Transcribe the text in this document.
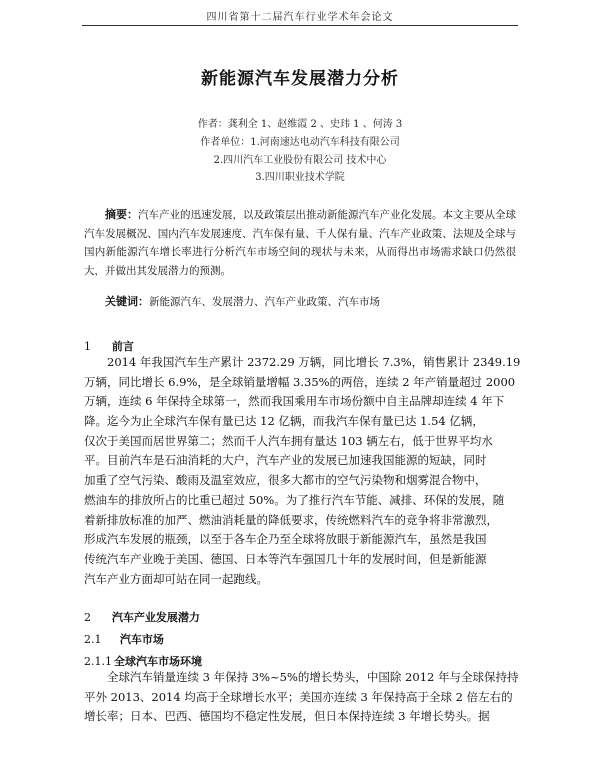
四川省第十二届汽车行业学术年会论文
新能源汽车发展潜力分析
作者：龚利全 1、赵维霞 2 、史玮 1 、何涛 3
作者单位：1.河南速达电动汽车科技有限公司
2.四川汽车工业股份有限公司 技术中心
3.四川职业技术学院

摘要：汽车产业的迅速发展，以及政策层出推动新能源汽车产业化发展。本文主要从全球汽车发展概况、国内汽车发展速度、汽车保有量、千人保有量、汽车产业政策、法规及全球与国内新能源汽车增长率进行分析汽车市场空间的现状与未来，从而得出市场需求缺口仍然很大，并做出其发展潜力的预测。

关键词：新能源汽车、发展潜力、汽车产业政策、汽车市场
1 前言
　　2014 年我国汽车生产累计 2372.29 万辆，同比增长 7.3%，销售累计 2349.19
万辆，同比增长 6.9%，是全球销量增幅 3.35%的两倍，连续 2 年产销量超过 2000
万辆，连续 6 年保持全球第一，然而我国乘用车市场份额中自主品牌却连续 4 年下
降。迄今为止全球汽车保有量已达 12 亿辆，而我汽车保有量已达 1.54 亿辆，
仅次于美国而居世界第二；然而千人汽车拥有量达 103 辆左右，低于世界平均水
平。目前汽车是石油消耗的大户，汽车产业的发展已加速我国能源的短缺，同时
加重了空气污染、酸雨及温室效应，很多大都市的空气污染物和烟雾混合物中，
燃油车的排放所占的比重已超过 50%。为了推行汽车节能、减排、环保的发展，随
着新排放标准的加严、燃油消耗量的降低要求，传统燃料汽车的竞争将非常激烈，
形成汽车发展的瓶颈，以至于各车企乃至全球将放眼于新能源汽车，虽然是我国
传统汽车产业晚于美国、德国、日本等汽车强国几十年的发展时间，但是新能源
汽车产业方面却可站在同一起跑线。
2 汽车产业发展潜力
2.1 汽车市场
2.1.1 全球汽车市场环境
　　全球汽车销量连续 3 年保持 3%~5%的增长势头，中国除 2012 年与全球保持持
平外 2013、2014 均高于全球增长水平；美国亦连续 3 年保持高于全球 2 倍左右的
增长率；日本、巴西、德国均不稳定性发展，但日本保持连续 3 年增长势头。据
